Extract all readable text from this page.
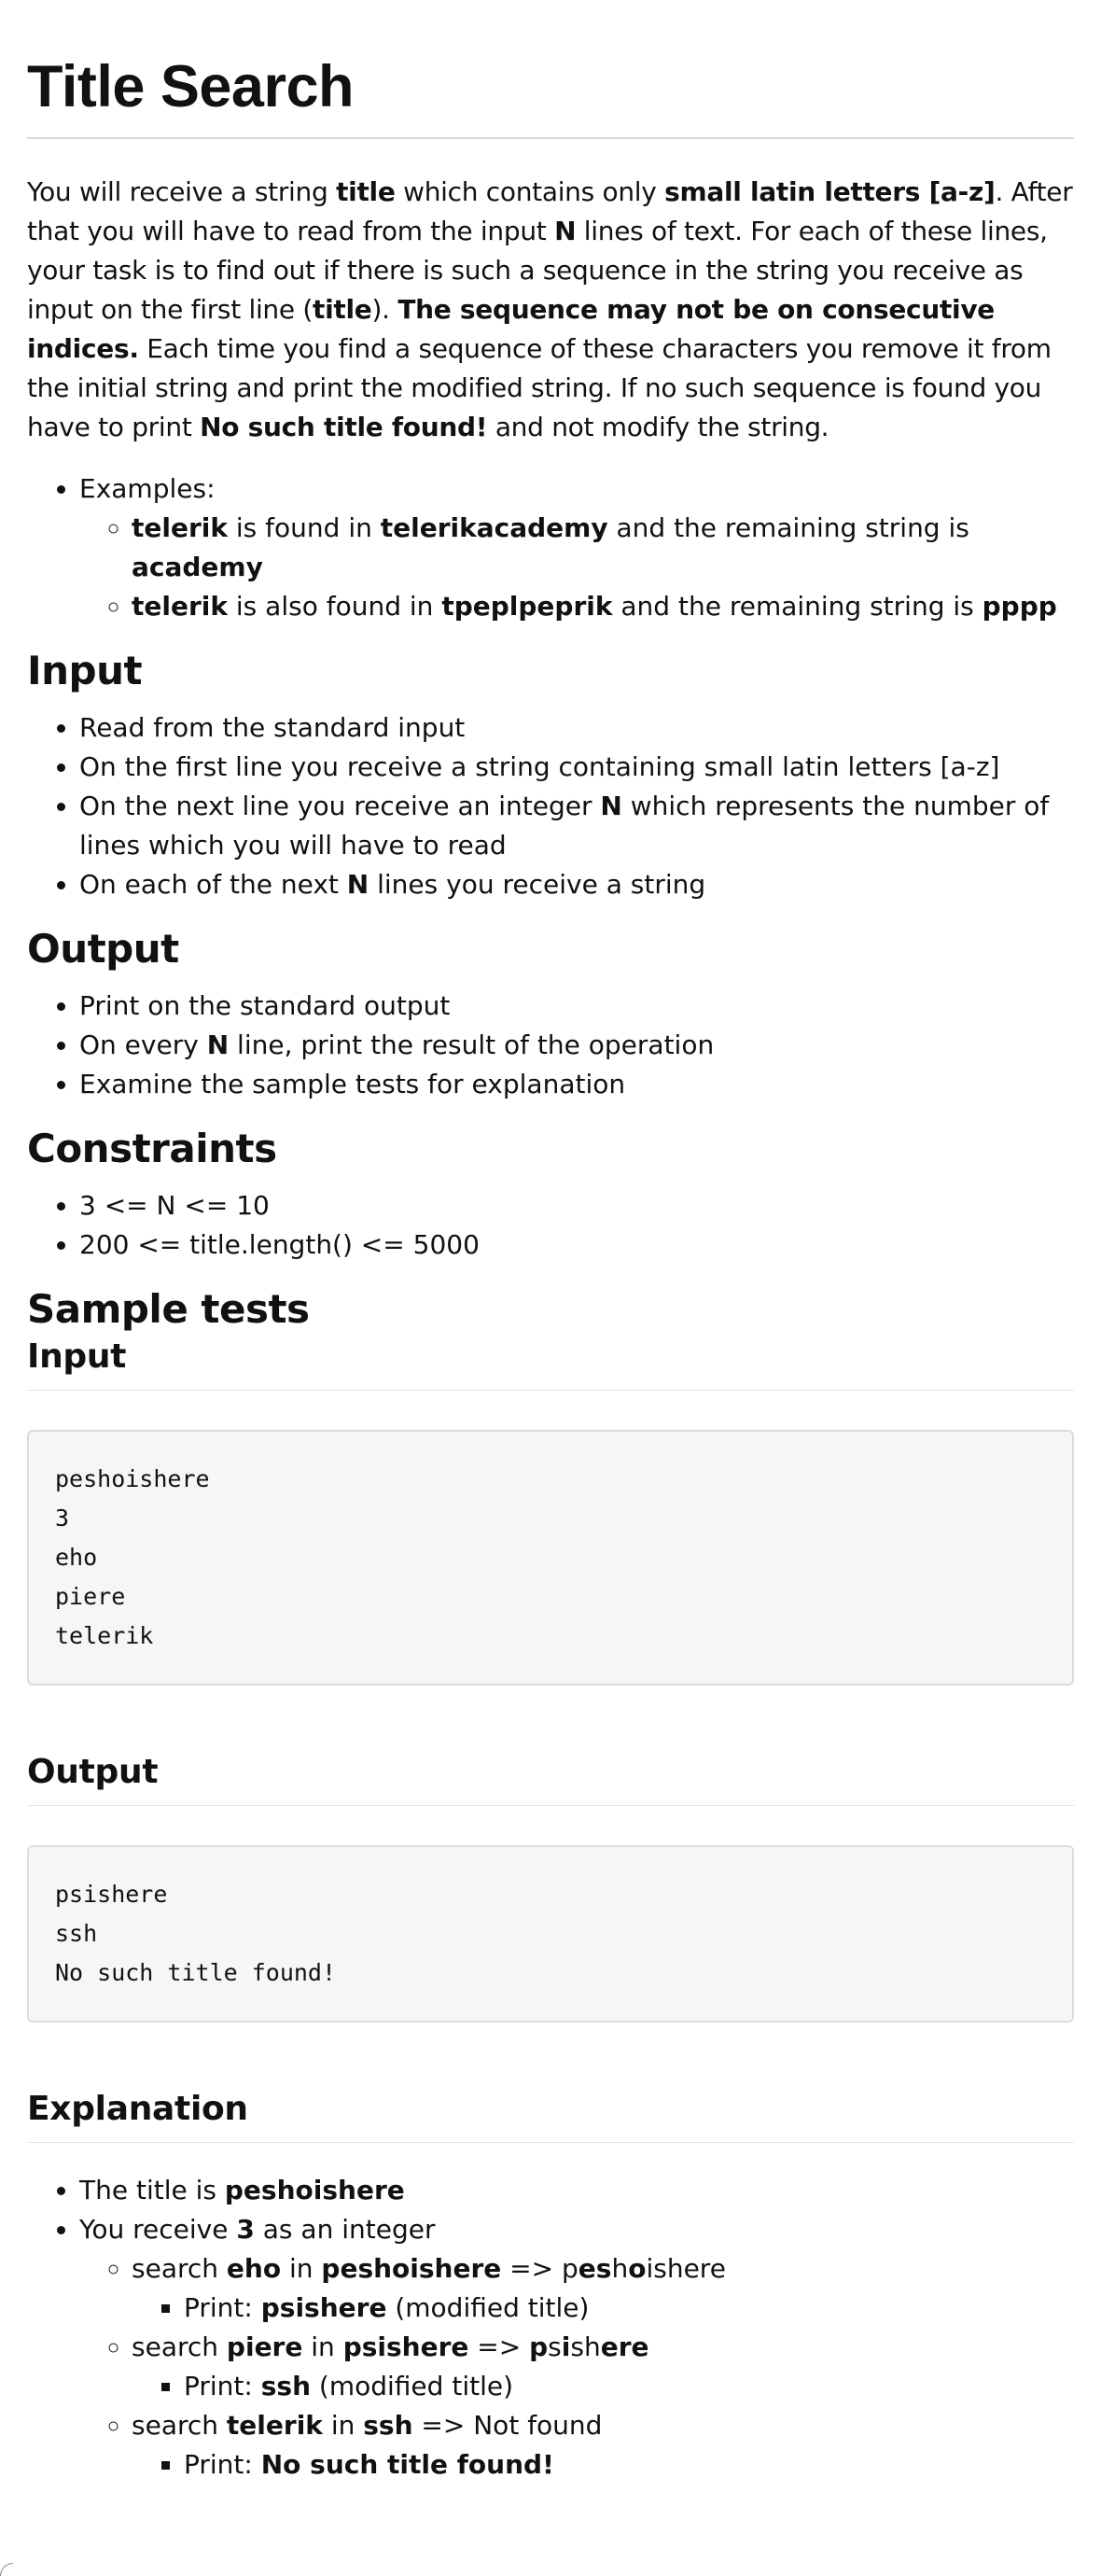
Title Search

You will receive a string title which contains only small latin letters [a-z]. After that you will have to read from the input N lines of text. For each of these lines, your task is to find out if there is such a sequence in the string you receive as input on the first line (title). The sequence may not be on consecutive indices. Each time you find a sequence of these characters you remove it from the initial string and print the modified string. If no such sequence is found you have to print No such title found! and not modify the string.

• Examples:
◦ telerik is found in telerikacademy and the remaining string is academy
◦ telerik is also found in tpeplpeprik and the remaining string is pppp
Input
• Read from the standard input
• On the first line you receive a string containing small latin letters [a-z]
• On the next line you receive an integer N which represents the number of lines which you will have to read
• On each of the next N lines you receive a string
Output
• Print on the standard output
• On every N line, print the result of the operation
• Examine the sample tests for explanation
Constraints
• 3 <= N <= 10
• 200 <= title.length() <= 5000
Sample tests
Input
peshoishere
3
eho
piere
telerik
Output
psishere
ssh
No such title found!
Explanation
• The title is peshoishere
• You receive 3 as an integer
◦ search eho in peshoishere => peshoishere
▪ Print: psishere (modified title)
◦ search piere in psishere => psishere
▪ Print: ssh (modified title)
◦ search telerik in ssh => Not found
▪ Print: No such title found!
